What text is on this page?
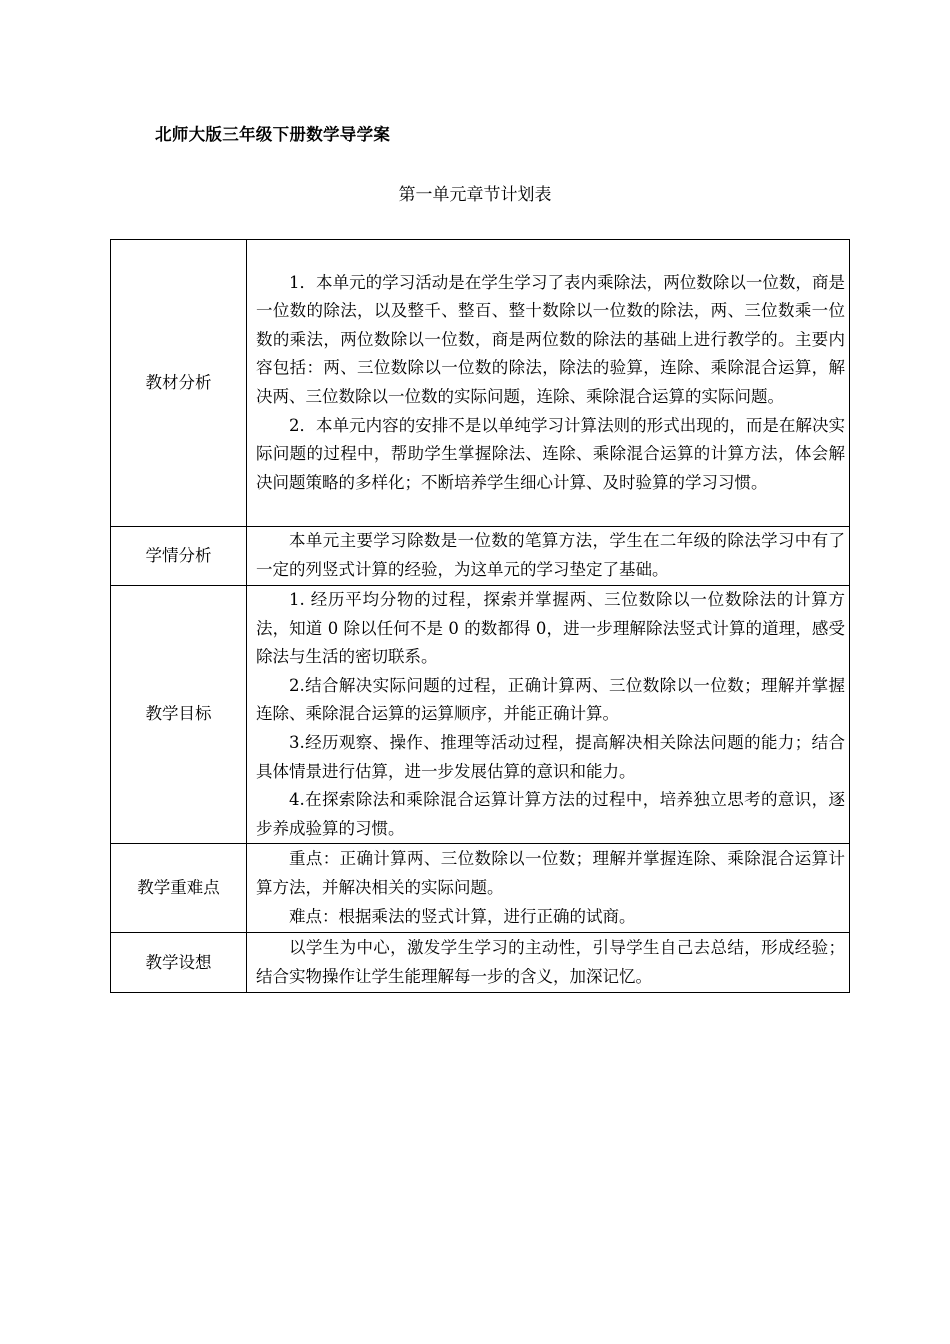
北师大版三年级下册数学导学案
第一单元章节计划表
教材分析	1．本单元的学习活动是在学生学习了表内乘除法，两位数除以一位数，商是一位数的除法，以及整千、整百、整十数除以一位数的除法，两、三位数乘一位数的乘法，两位数除以一位数，商是两位数的除法的基础上进行教学的。主要内容包括：两、三位数除以一位数的除法，除法的验算，连除、乘除混合运算，解决两、三位数除以一位数的实际问题，连除、乘除混合运算的实际问题。

2．本单元内容的安排不是以单纯学习计算法则的形式出现的，而是在解决实际问题的过程中，帮助学生掌握除法、连除、乘除混合运算的计算方法，体会解决问题策略的多样化；不断培养学生细心计算、及时验算的学习习惯。

学情分析	本单元主要学习除数是一位数的笔算方法，学生在二年级的除法学习中有了一定的列竖式计算的经验，为这单元的学习垫定了基础。

教学目标	1. 经历平均分物的过程，探索并掌握两、三位数除以一位数除法的计算方法，知道 0 除以任何不是 0 的数都得 0，进一步理解除法竖式计算的道理，感受除法与生活的密切联系。

2.结合解决实际问题的过程，正确计算两、三位数除以一位数；理解并掌握连除、乘除混合运算的运算顺序，并能正确计算。

3.经历观察、操作、推理等活动过程，提高解决相关除法问题的能力；结合具体情景进行估算，进一步发展估算的意识和能力。

4.在探索除法和乘除混合运算计算方法的过程中，培养独立思考的意识，逐步养成验算的习惯。

教学重难点	重点：正确计算两、三位数除以一位数；理解并掌握连除、乘除混合运算计算方法，并解决相关的实际问题。

难点：根据乘法的竖式计算，进行正确的试商。

教学设想	以学生为中心，激发学生学习的主动性，引导学生自己去总结，形成经验；结合实物操作让学生能理解每一步的含义，加深记忆。
